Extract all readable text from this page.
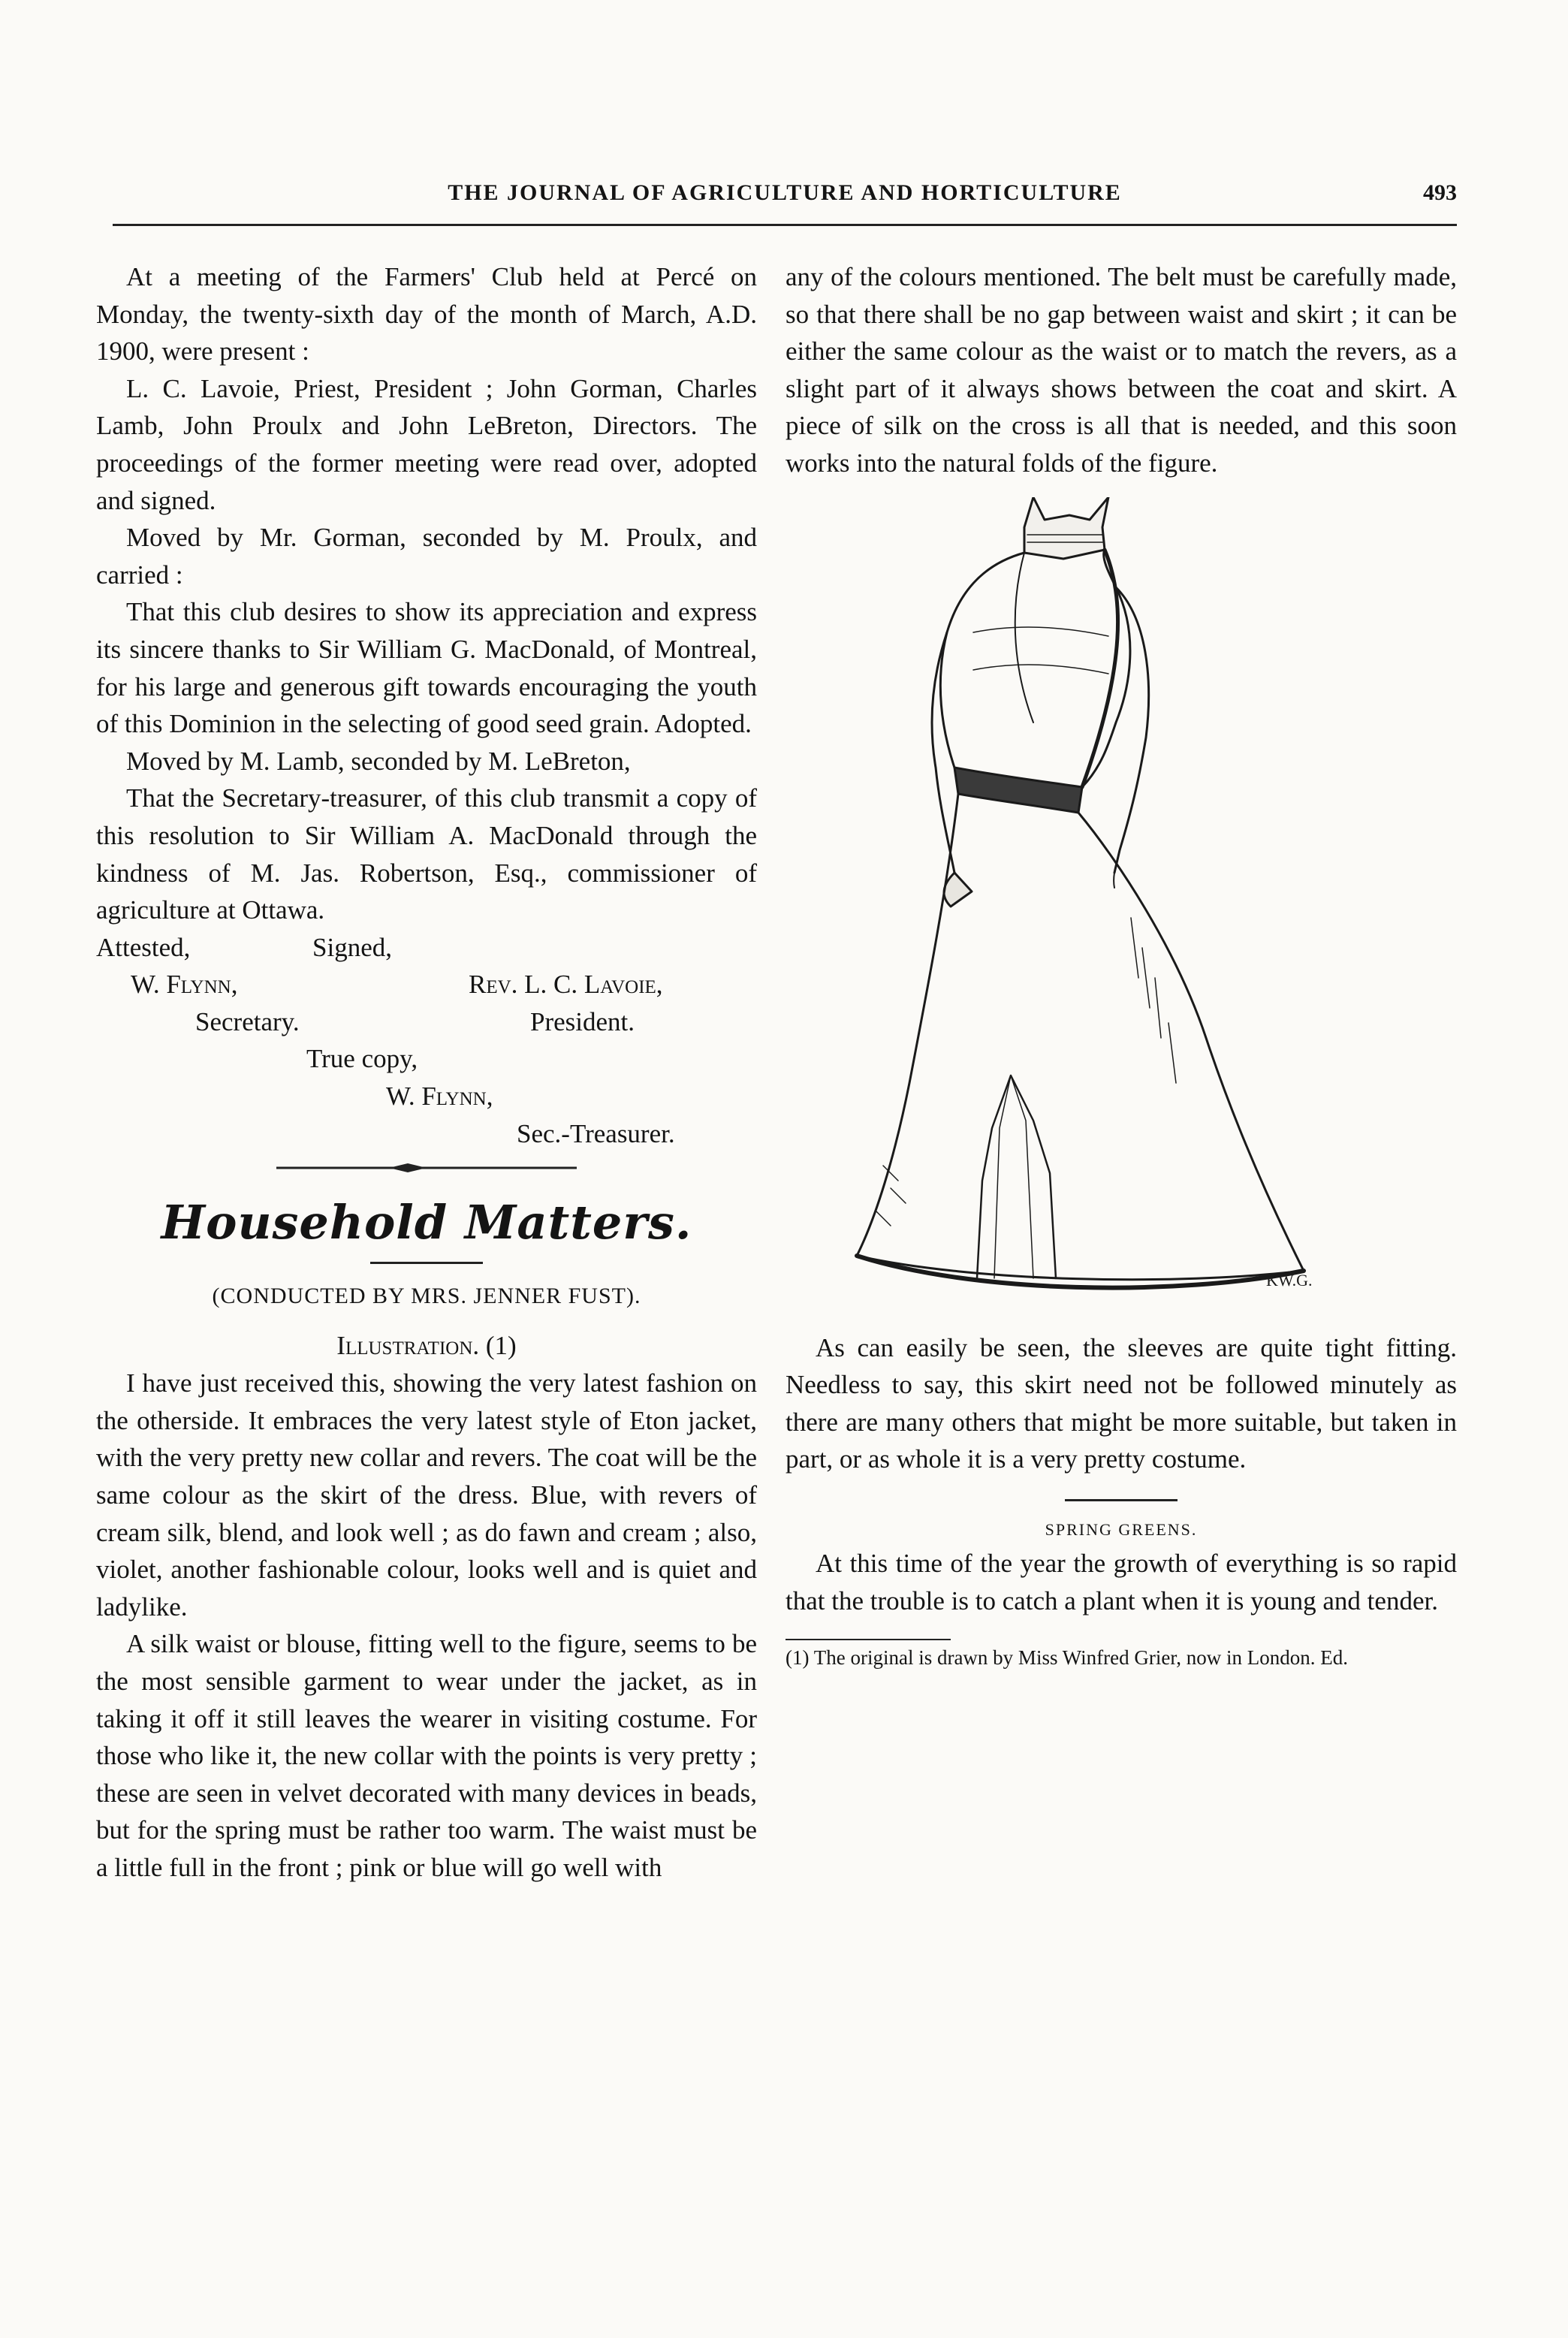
THE JOURNAL OF AGRICULTURE AND HORTICULTURE	493

At a meeting of the Farmers' Club held at Percé on Monday, the twenty-sixth day of the month of March, A.D. 1900, were present :

L. C. Lavoie, Priest, President ; John Gorman, Charles Lamb, John Proulx and John LeBreton, Directors. The proceedings of the former meeting were read over, adopted and signed.

Moved by Mr. Gorman, seconded by M. Proulx, and carried :

That this club desires to show its appreciation and express its sincere thanks to Sir William G. MacDonald, of Montreal, for his large and generous gift towards encouraging the youth of this Dominion in the selecting of good seed grain. Adopted.

Moved by M. Lamb, seconded by M. LeBreton,

That the Secretary-treasurer, of this club transmit a copy of this resolution to Sir William A. MacDonald through the kindness of M. Jas. Robertson, Esq., commissioner of agriculture at Ottawa.

Attested,	Signed,
W. Flynn,	Rev. L. C. Lavoie,
Secretary.	President.
True copy,
W. Flynn,
Sec.-Treasurer.
Household Matters.
(CONDUCTED BY MRS. JENNER FUST).
Illustration. (1)

I have just received this, showing the very latest fashion on the otherside. It embraces the very latest style of Eton jacket, with the very pretty new collar and revers. The coat will be the same colour as the skirt of the dress. Blue, with revers of cream silk, blend, and look well ; as do fawn and cream ; also, violet, another fashionable colour, looks well and is quiet and ladylike.

A silk waist or blouse, fitting well to the figure, seems to be the most sensible garment to wear under the jacket, as in taking it off it still leaves the wearer in visiting costume. For those who like it, the new collar with the points is very pretty ; these are seen in velvet decorated with many devices in beads, but for the spring must be rather too warm. The waist must be a little full in the front ; pink or blue will go well with

any of the colours mentioned. The belt must be carefully made, so that there shall be no gap between waist and skirt ; it can be either the same colour as the waist or to match the revers, as a slight part of it always shows between the coat and skirt. A piece of silk on the cross is all that is needed, and this soon works into the natural folds of the figure.

KW.G.

As can easily be seen, the sleeves are quite tight fitting. Needless to say, this skirt need not be followed minutely as there are many others that might be more suitable, but taken in part, or as whole it is a very pretty costume.

SPRING GREENS.

At this time of the year the growth of everything is so rapid that the trouble is to catch a plant when it is young and tender.

(1) The original is drawn by Miss Winfred Grier, now in London. Ed.
